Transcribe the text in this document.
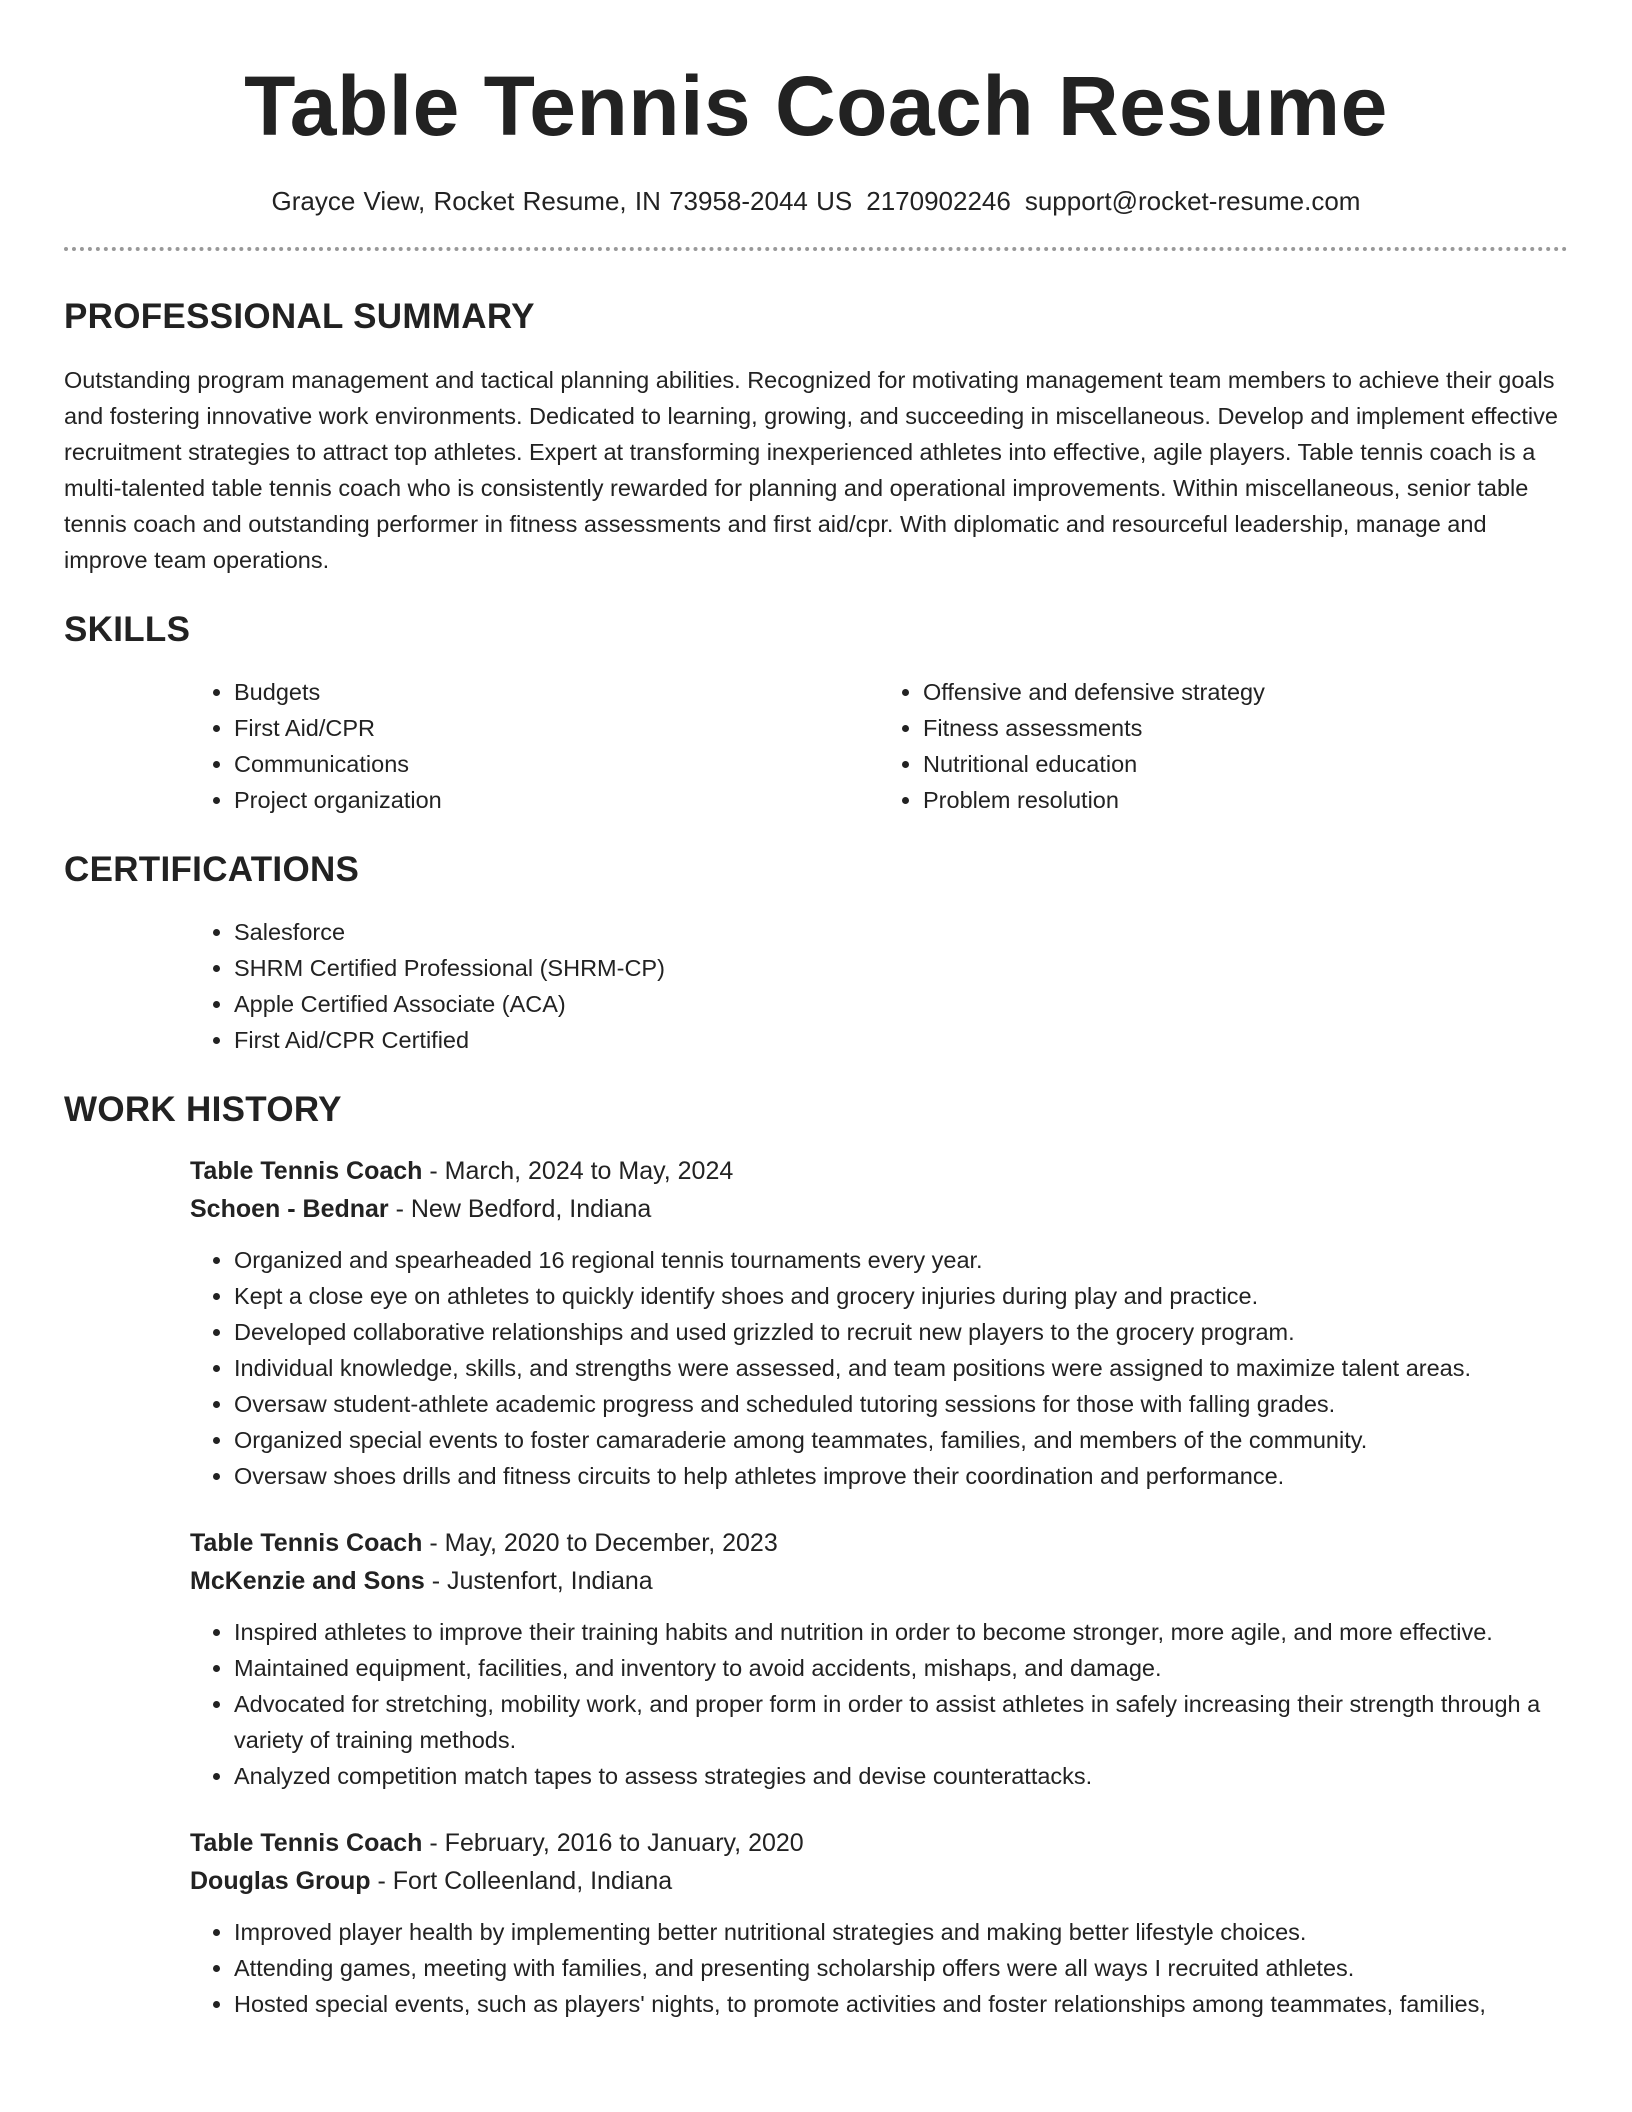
Table Tennis Coach Resume
Grayce View, Rocket Resume, IN 73958-2044 US 2170902246 support@rocket-resume.com
PROFESSIONAL SUMMARY

Outstanding program management and tactical planning abilities. Recognized for motivating management team members to achieve their goals and fostering innovative work environments. Dedicated to learning, growing, and succeeding in miscellaneous. Develop and implement effective recruitment strategies to attract top athletes. Expert at transforming inexperienced athletes into effective, agile players. Table tennis coach is a multi-talented table tennis coach who is consistently rewarded for planning and operational improvements. Within miscellaneous, senior table tennis coach and outstanding performer in fitness assessments and first aid/cpr. With diplomatic and resourceful leadership, manage and improve team operations.

SKILLS
• Budgets
• First Aid/CPR
• Communications
• Project organization
• Offensive and defensive strategy
• Fitness assessments
• Nutritional education
• Problem resolution
CERTIFICATIONS
• Salesforce
• SHRM Certified Professional (SHRM-CP)
• Apple Certified Associate (ACA)
• First Aid/CPR Certified
WORK HISTORY
Table Tennis Coach - March, 2024 to May, 2024
Schoen - Bednar - New Bedford, Indiana
• Organized and spearheaded 16 regional tennis tournaments every year.
• Kept a close eye on athletes to quickly identify shoes and grocery injuries during play and practice.
• Developed collaborative relationships and used grizzled to recruit new players to the grocery program.
• Individual knowledge, skills, and strengths were assessed, and team positions were assigned to maximize talent areas.
• Oversaw student-athlete academic progress and scheduled tutoring sessions for those with falling grades.
• Organized special events to foster camaraderie among teammates, families, and members of the community.
• Oversaw shoes drills and fitness circuits to help athletes improve their coordination and performance.
Table Tennis Coach - May, 2020 to December, 2023
McKenzie and Sons - Justenfort, Indiana
• Inspired athletes to improve their training habits and nutrition in order to become stronger, more agile, and more effective.
• Maintained equipment, facilities, and inventory to avoid accidents, mishaps, and damage.
• Advocated for stretching, mobility work, and proper form in order to assist athletes in safely increasing their strength through a variety of training methods.
• Analyzed competition match tapes to assess strategies and devise counterattacks.
Table Tennis Coach - February, 2016 to January, 2020
Douglas Group - Fort Colleenland, Indiana
• Improved player health by implementing better nutritional strategies and making better lifestyle choices.
• Attending games, meeting with families, and presenting scholarship offers were all ways I recruited athletes.
• Hosted special events, such as players' nights, to promote activities and foster relationships among teammates, families,
